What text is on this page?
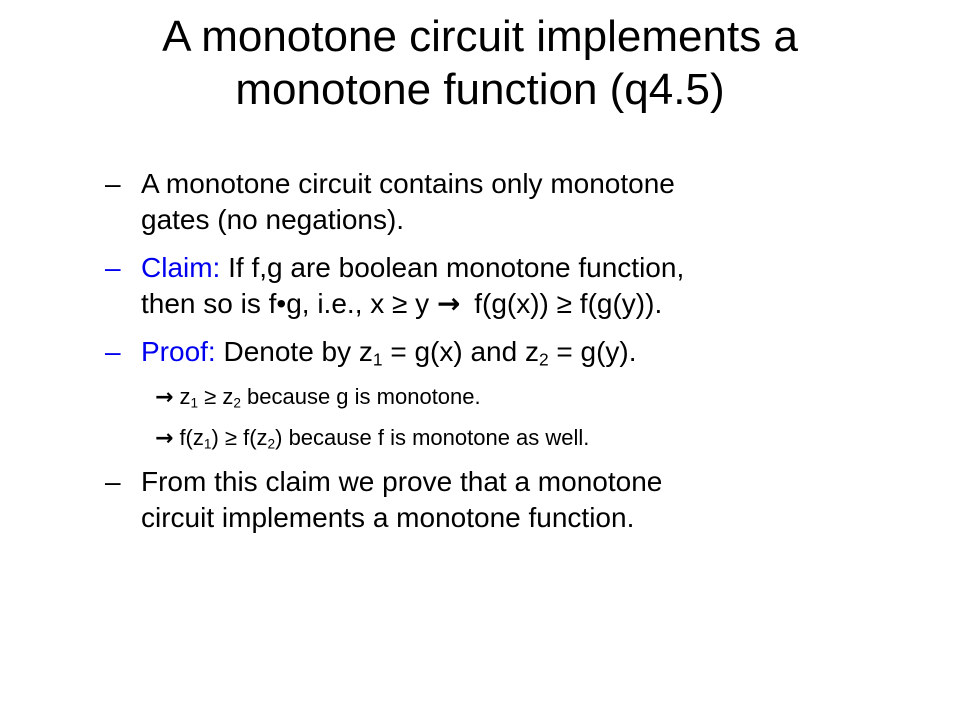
A monotone circuit implements a
monotone function (q4.5)
– A monotone circuit contains only monotone
gates (no negations).
– Claim: If f,g are boolean monotone function,
then so is f•g, i.e., x ≥ y → f(g(x)) ≥ f(g(y)).
– Proof: Denote by $z_1 = g(x)$ and $z_2 = g(y)$.
→ $z_1 \ge z_2$ because g is monotone.
→ $f(z_1) \ge f(z_2)$ because f is monotone as well.
– From this claim we prove that a monotone
circuit implements a monotone function.
